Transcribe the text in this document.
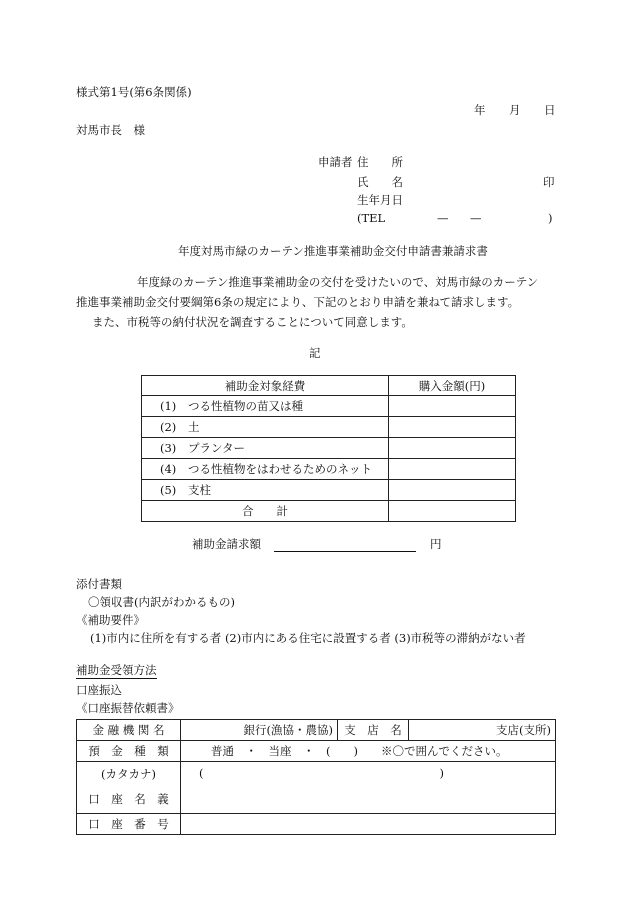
様式第1号(第6条関係)
年 月 日
対馬市長　様
申請者 住　　所
氏　　名	印
生年月日
(TEL	— —	)
年度対馬市緑のカーテン推進事業補助金交付申請書兼請求書
年度緑のカーテン推進事業補助金の交付を受けたいので、対馬市緑のカーテン
推進事業補助金交付要綱第6条の規定により、下記のとおり申請を兼ねて請求します。
また、市税等の納付状況を調査することについて同意します。
記
補助金対象経費	購入金額(円)
(1) つる性植物の苗又は種	
(2) 土	
(3) プランター	
(4) つる性植物をはわせるためのネット	
(5) 支柱	
合　　計	
補助金請求額	円
添付書類
〇領収書(内訳がわかるもの)
《補助要件》
(1)市内に住所を有する者 (2)市内にある住宅に設置する者 (3)市税等の滞納がない者
補助金受領方法
口座振込
《口座振替依頼書》
金 融 機 関 名	銀行(漁協・農協)	支　店　名	支店(支所)
預　金　種　類	普通　・　当座　・　(　　)　　※〇で囲んでください。		

(カタカナ)
口　座　名　義	( )		
口　座　番　号			
